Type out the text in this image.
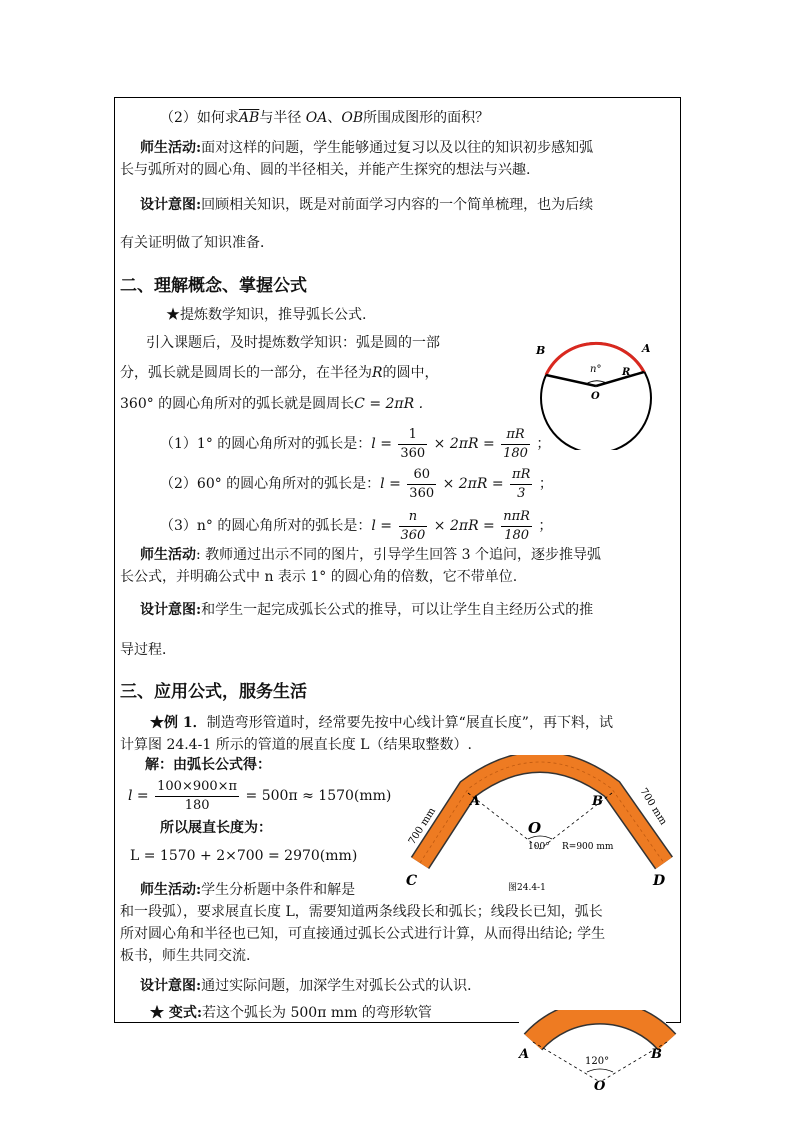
（2）如何求$\overline{AB}$与半径 OA、OB所围成图形的面积？
师生活动:面对这样的问题，学生能够通过复习以及以往的知识初步感知弧
长与弧所对的圆心角、圆的半径相关，并能产生探究的想法与兴趣.
设计意图:回顾相关知识，既是对前面学习内容的一个简单梳理，也为后续
有关证明做了知识准备．
二、理解概念、掌握公式
★提炼数学知识，推导弧长公式.
引入课题后，及时提炼数学知识：弧是圆的一部
分，弧长就是圆周长的一部分，在半径为R的圆中，
360° 的圆心角所对的弧长就是圆周长C = 2πR .
（1）1° 的圆心角所对的弧长是：$l = \frac{1}{360} \times 2\pi R = \frac{\pi R}{180}$ ；
（2）60° 的圆心角所对的弧长是：$l = \frac{60}{360} \times 2\pi R = \frac{\pi R}{3}$ ；
（3）n° 的圆心角所对的弧长是：$l = \frac{n}{360} \times 2\pi R = \frac{\text{nπR}}{180}$ ；
师生活动: 教师通过出示不同的图片，引导学生回答 3 个追问，逐步推导弧
长公式，并明确公式中 n 表示 1° 的圆心角的倍数，它不带单位.
设计意图:和学生一起完成弧长公式的推导，可以让学生自主经历公式的推
导过程．
三、应用公式，服务生活
★例 1．制造弯形管道时，经常要先按中心线计算“展直长度”，再下料，试
计算图 24.4-1 所示的管道的展直长度 L（结果取整数）.
解：由弧长公式得：
$l = \frac{100\times 900\times\pi}{180} = 500\pi \approx 1570(mm)$
所以展直长度为：
L = 1570 + 2×700 = 2970(mm)
师生活动:学生分析题中条件和解是
和一段弧），要求展直长度 L，需要知道两条线段长和弧长；线段长已知，弧长
所对圆心角和半径也已知，可直接通过弧长公式进行计算，从而得出结论; 学生
板书，师生共同交流.
设计意图:通过实际问题，加深学生对弧长公式的认识．
★ 变式:若这个弧长为 500π mm 的弯形软管
B	A
n° R
O
700 mm	700 mm
A	B
O
100° R=900 mm
C	D
图24.4-1
A	B
120°
O
